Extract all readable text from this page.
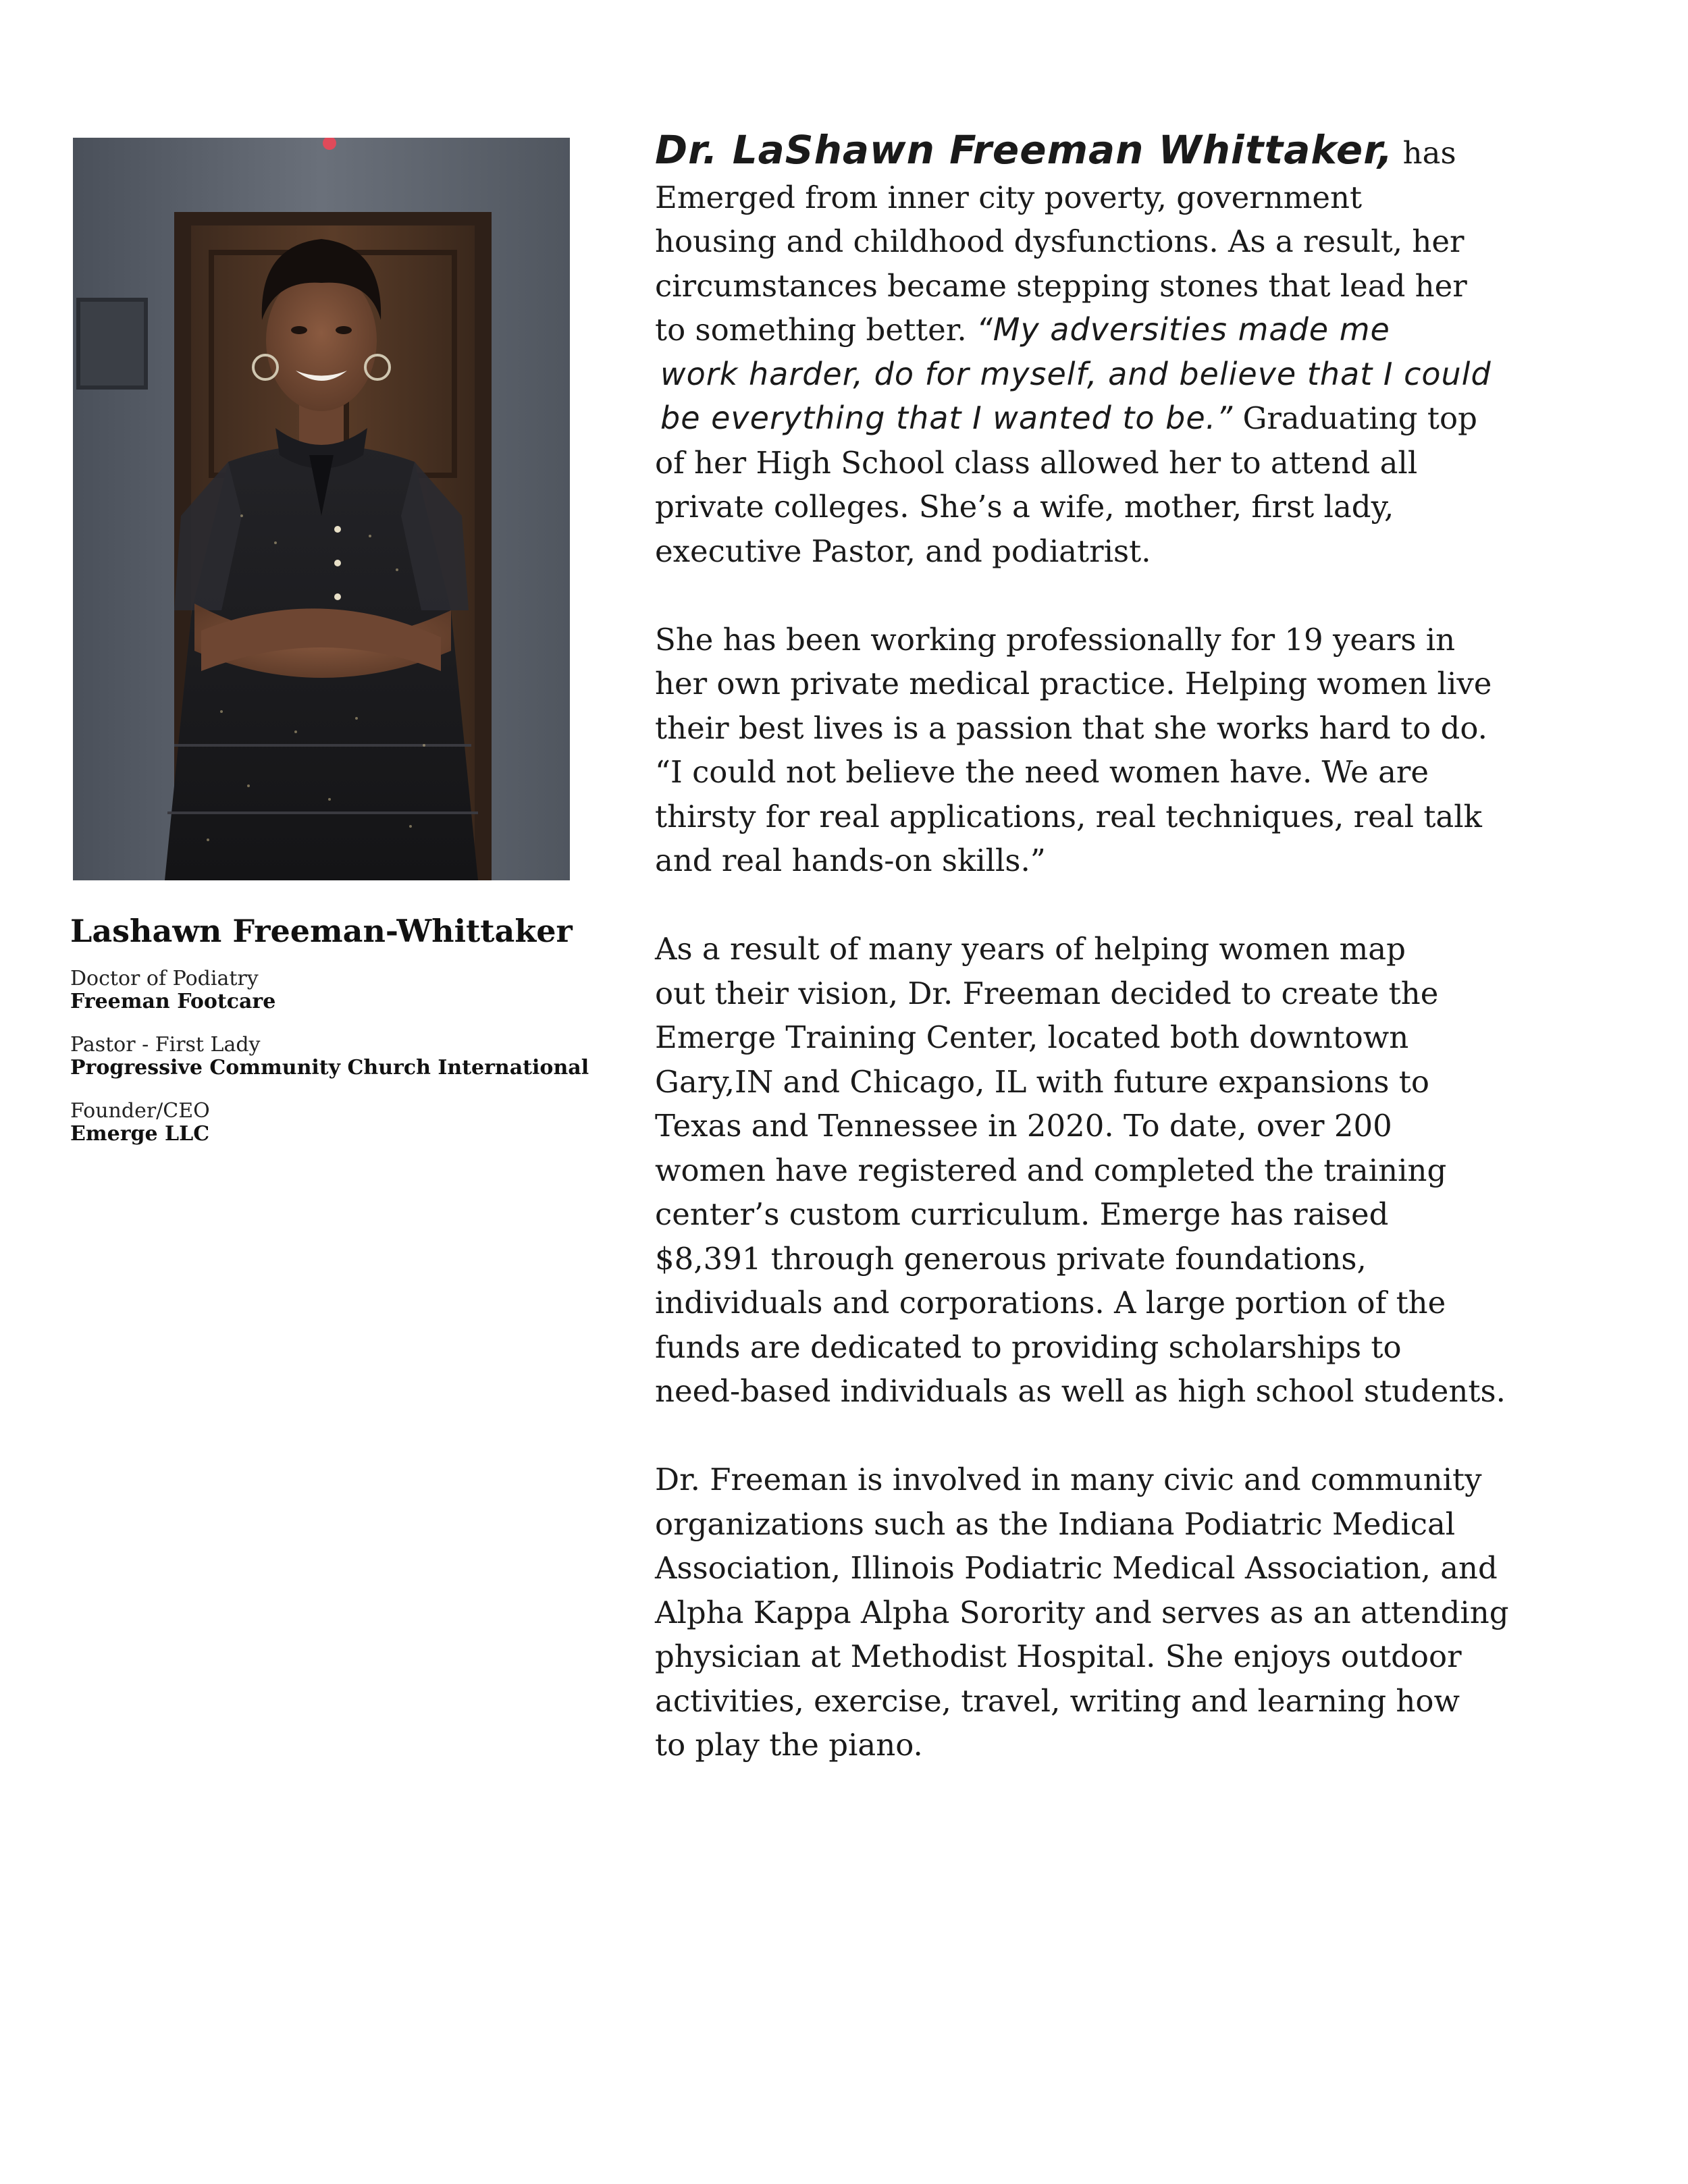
Lashawn Freeman-Whittaker
Doctor of Podiatry
Freeman Footcare
Pastor - First Lady
Progressive Community Church International
Founder/CEO
Emerge LLC

Dr. LaShawn Freeman Whittaker, has
Emerged from inner city poverty, government
housing and childhood dysfunctions. As a result, her
circumstances became stepping stones that lead her
to something better. “My adversities made me
work harder, do for myself, and believe that I could
be everything that I wanted to be.” Graduating top
of her High School class allowed her to attend all
private colleges. She’s a wife, mother, first lady,
executive Pastor, and podiatrist.

She has been working professionally for 19 years in
her own private medical practice. Helping women live
their best lives is a passion that she works hard to do.
“I could not believe the need women have. We are
thirsty for real applications, real techniques, real talk
and real hands-on skills.”

As a result of many years of helping women map
out their vision, Dr. Freeman decided to create the
Emerge Training Center, located both downtown
Gary,IN and Chicago, IL with future expansions to
Texas and Tennessee in 2020. To date, over 200
women have registered and completed the training
center’s custom curriculum. Emerge has raised
$8,391 through generous private foundations,
individuals and corporations. A large portion of the
funds are dedicated to providing scholarships to
need-based individuals as well as high school students.

Dr. Freeman is involved in many civic and community
organizations such as the Indiana Podiatric Medical
Association, Illinois Podiatric Medical Association, and
Alpha Kappa Alpha Sorority and serves as an attending
physician at Methodist Hospital. She enjoys outdoor
activities, exercise, travel, writing and learning how
to play the piano.
